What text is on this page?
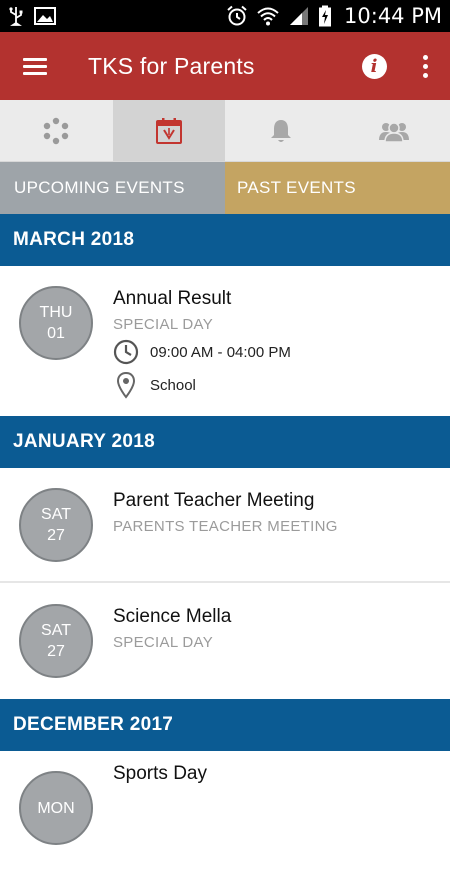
10:44 PM
TKS for Parents	i
UPCOMING EVENTS	PAST EVENTS
MARCH 2018
THU
01
Annual Result
SPECIAL DAY
09:00 AM - 04:00 PM
School
JANUARY 2018
SAT
27
Parent Teacher Meeting
PARENTS TEACHER MEETING
SAT
27
Science Mella
SPECIAL DAY
DECEMBER 2017
MON
Sports Day
